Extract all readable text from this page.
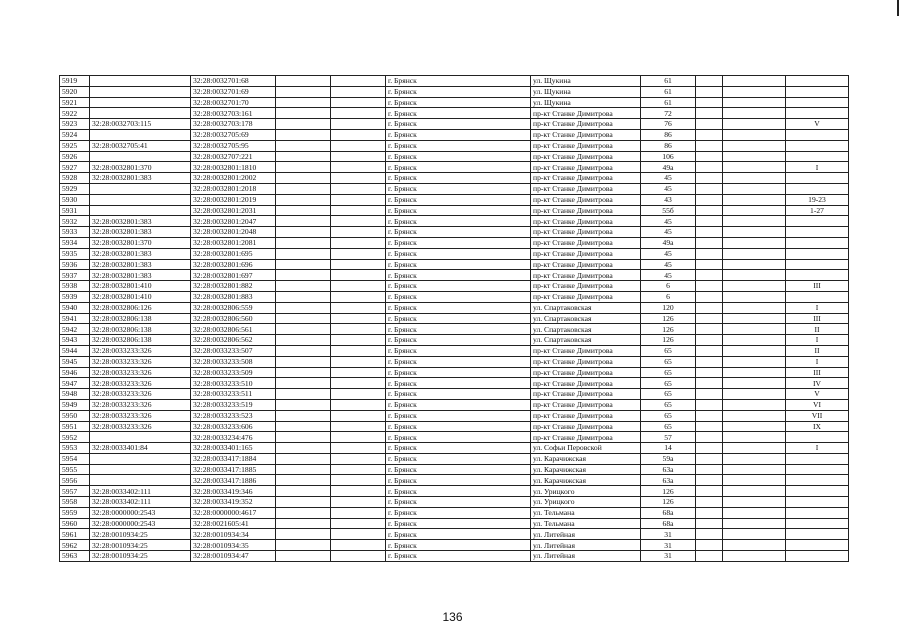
5919		32:28:0032701:68			г. Брянск	ул. Щукина	61			
5920		32:28:0032701:69			г. Брянск	ул. Щукина	61			
5921		32:28:0032701:70			г. Брянск	ул. Щукина	61			
5922		32:28:0032703:161			г. Брянск	пр-кт Станке Димитрова	72			
5923	32:28:0032703:115	32:28:0032703:178			г. Брянск	пр-кт Станке Димитрова	76			V
5924		32:28:0032705:69			г. Брянск	пр-кт Станке Димитрова	86			
5925	32:28:0032705:41	32:28:0032705:95			г. Брянск	пр-кт Станке Димитрова	86			
5926		32:28:0032707:221			г. Брянск	пр-кт Станке Димитрова	106			
5927	32:28:0032801:370	32:28:0032801:1810			г. Брянск	пр-кт Станке Димитрова	49а			I
5928	32:28:0032801:383	32:28:0032801:2002			г. Брянск	пр-кт Станке Димитрова	45			
5929		32:28:0032801:2018			г. Брянск	пр-кт Станке Димитрова	45			
5930		32:28:0032801:2019			г. Брянск	пр-кт Станке Димитрова	43			19-23
5931		32:28:0032801:2031			г. Брянск	пр-кт Станке Димитрова	55б			1-27
5932	32:28:0032801:383	32:28:0032801:2047			г. Брянск	пр-кт Станке Димитрова	45			
5933	32:28:0032801:383	32:28:0032801:2048			г. Брянск	пр-кт Станке Димитрова	45			
5934	32:28:0032801:370	32:28:0032801:2081			г. Брянск	пр-кт Станке Димитрова	49а			
5935	32:28:0032801:383	32:28:0032801:695			г. Брянск	пр-кт Станке Димитрова	45			
5936	32:28:0032801:383	32:28:0032801:696			г. Брянск	пр-кт Станке Димитрова	45			
5937	32:28:0032801:383	32:28:0032801:697			г. Брянск	пр-кт Станке Димитрова	45			
5938	32:28:0032801:410	32:28:0032801:882			г. Брянск	пр-кт Станке Димитрова	6			III
5939	32:28:0032801:410	32:28:0032801:883			г. Брянск	пр-кт Станке Димитрова	6			
5940	32:28:0032806:126	32:28:0032806:559			г. Брянск	ул. Спартаковская	120			I
5941	32:28:0032806:138	32:28:0032806:560			г. Брянск	ул. Спартаковская	126			III
5942	32:28:0032806:138	32:28:0032806:561			г. Брянск	ул. Спартаковская	126			II
5943	32:28:0032806:138	32:28:0032806:562			г. Брянск	ул. Спартаковская	126			I
5944	32:28:0033233:326	32:28:0033233:507			г. Брянск	пр-кт Станке Димитрова	65			II
5945	32:28:0033233:326	32:28:0033233:508			г. Брянск	пр-кт Станке Димитрова	65			I
5946	32:28:0033233:326	32:28:0033233:509			г. Брянск	пр-кт Станке Димитрова	65			III
5947	32:28:0033233:326	32:28:0033233:510			г. Брянск	пр-кт Станке Димитрова	65			IV
5948	32:28:0033233:326	32:28:0033233:511			г. Брянск	пр-кт Станке Димитрова	65			V
5949	32:28:0033233:326	32:28:0033233:519			г. Брянск	пр-кт Станке Димитрова	65			VI
5950	32:28:0033233:326	32:28:0033233:523			г. Брянск	пр-кт Станке Димитрова	65			VII
5951	32:28:0033233:326	32:28:0033233:606			г. Брянск	пр-кт Станке Димитрова	65			IX
5952		32:28:0033234:476			г. Брянск	пр-кт Станке Димитрова	57			
5953	32:28:0033401:84	32:28:0033401:165			г. Брянск	ул. Софьи Перовской	14			I
5954		32:28:0033417:1884			г. Брянск	ул. Карачижская	59а			
5955		32:28:0033417:1885			г. Брянск	ул. Карачижская	63а			
5956		32:28:0033417:1886			г. Брянск	ул. Карачижская	63а			
5957	32:28:0033402:111	32:28:0033419:346			г. Брянск	ул. Урицкого	126			
5958	32:28:0033402:111	32:28:0033419:352			г. Брянск	ул. Урицкого	126			
5959	32:28:0000000:2543	32:28:0000000:4617			г. Брянск	ул. Тельмана	68а			
5960	32:28:0000000:2543	32:28:0021605:41			г. Брянск	ул. Тельмана	68а			
5961	32:28:0010934:25	32:28:0010934:34			г. Брянск	ул. Литейная	31			
5962	32:28:0010934:25	32:28:0010934:35			г. Брянск	ул. Литейная	31			
5963	32:28:0010934:25	32:28:0010934:47			г. Брянск	ул. Литейная	31			
136
